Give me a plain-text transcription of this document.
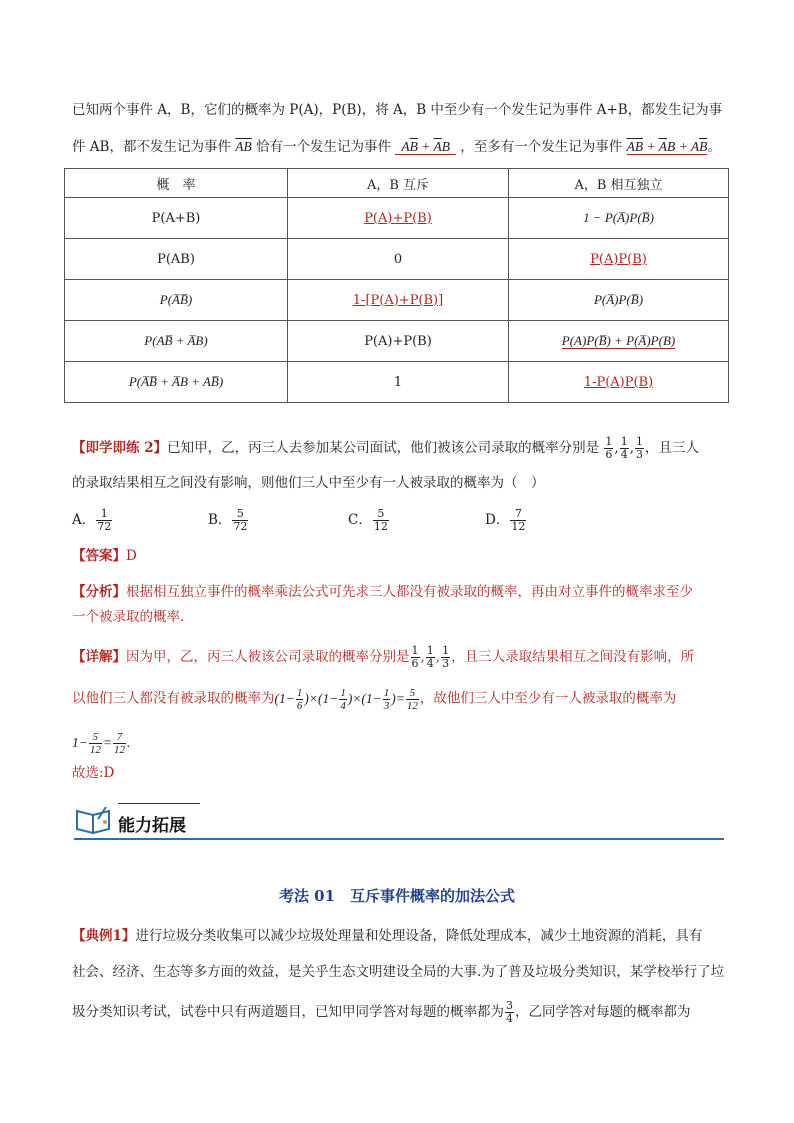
已知两个事件 A，B，它们的概率为 P(A)，P(B)，将 A，B 中至少有一个发生记为事件 A+B，都发生记为事
件 AB，都不发生记为事件 $\overline{AB}$ 恰有一个发生记为事件 $A\overline{B} + \overline{A}B$ ，至多有一个发生记为事件 $\overline{AB} + \overline{A}B + A\overline{B}$。
概　率	A，B 互斥	A，B 相互独立
P(A+B)	P(A)+P(B)	1 − P(A̅)P(B̅)
P(AB)	0	P(A)P(B)
P(A̅B̅)	1-[P(A)+P(B)]	P(A̅)P(B̅)
P(AB̅ + A̅B)	P(A)+P(B)	P(A)P(B̅) + P(A̅)P(B)
P(A̅B̅ + A̅B + AB̅)	1	1-P(A)P(B)
【即学即练 2】已知甲，乙，丙三人去参加某公司面试，他们被该公司录取的概率分别是 $\frac{1}{6}$ , $\frac{1}{4}$ , $\frac{1}{3}$ ，且三人
的录取结果相互之间没有影响，则他们三人中至少有一人被录取的概率为（　）
A． $\frac{1}{72}$	B． $\frac{5}{72}$	C． $\frac{5}{12}$	D． $\frac{7}{12}$
【答案】D
【分析】根据相互独立事件的概率乘法公式可先求三人都没有被录取的概率，再由对立事件的概率求至少
一个被录取的概率.
【详解】因为甲，乙，丙三人被该公司录取的概率分别是 $\frac{1}{6}$ , $\frac{1}{4}$ , $\frac{1}{3}$ ，且三人录取结果相互之间没有影响，所
以他们三人都没有被录取的概率为$(1- \frac{1}{6} )\times(1- \frac{1}{4} )\times(1- \frac{1}{3}$ )= $\frac{5}{12}$ ，故他们三人中至少有一人被录取的概率为
$1- \frac{5}{12} = \frac{7}{12}$ .
故选:D
能力拓展
考法 01　互斥事件概率的加法公式
【典例1】进行垃圾分类收集可以减少垃圾处理量和处理设备，降低处理成本，减少土地资源的消耗，具有
社会、经济、生态等多方面的效益，是关乎生态文明建设全局的大事.为了普及垃圾分类知识，某学校举行了垃
圾分类知识考试，试卷中只有两道题目，已知甲同学答对每题的概率都为 $\frac{3}{4}$ ，乙同学答对每题的概率都为
